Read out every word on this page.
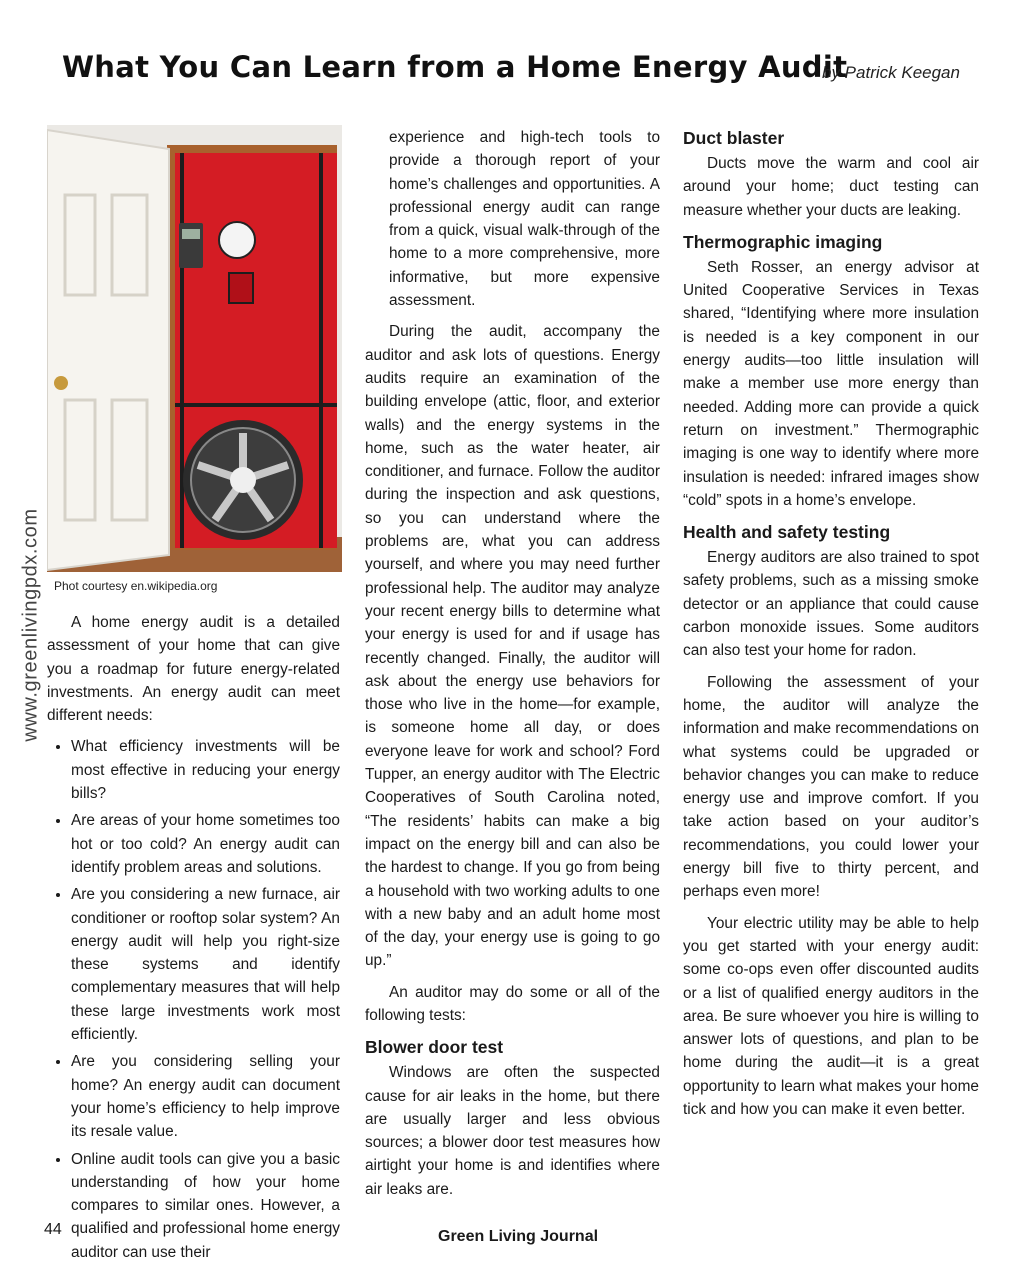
What You Can Learn from a Home Energy Audit
by Patrick Keegan
www.greenlivingpdx.com Phot courtesy en.wikipedia.org

A home energy audit is a detailed assessment of your home that can give you a roadmap for future energy-related investments. An energy audit can meet different needs:

• What efficiency investments will be most effective in reducing your energy bills?
• Are areas of your home sometimes too hot or too cold? An energy audit can identify problem areas and solutions.
• Are you considering a new furnace, air conditioner or rooftop solar system? An energy audit will help you right-size these systems and identify complementary measures that will help these large investments work most efficiently.
• Are you considering selling your home? An energy audit can document your home’s efficiency to help improve its resale value.
• Online audit tools can give you a basic understanding of how your home compares to similar ones. However, a qualified and professional home energy auditor can use their

experience and high-tech tools to provide a thorough report of your home’s challenges and opportunities. A professional energy audit can range from a quick, visual walk-through of the home to a more comprehensive, more informative, but more expensive assessment.

During the audit, accompany the auditor and ask lots of questions. Energy audits require an examination of the building envelope (attic, floor, and exterior walls) and the energy systems in the home, such as the water heater, air conditioner, and furnace. Follow the auditor during the inspection and ask questions, so you can understand where the problems are, what you can address yourself, and where you may need further professional help. The auditor may analyze your recent energy bills to determine what your energy is used for and if usage has recently changed. Finally, the auditor will ask about the energy use behaviors for those who live in the home—for example, is someone home all day, or does everyone leave for work and school? Ford Tupper, an energy auditor with The Electric Cooperatives of South Carolina noted, “The residents’ habits can make a big impact on the energy bill and can also be the hardest to change. If you go from being a household with two working adults to one with a new baby and an adult home most of the day, your energy use is going to go up.”

An auditor may do some or all of the following tests:

Blower door test

Windows are often the suspected cause for air leaks in the home, but there are usually larger and less obvious sources; a blower door test measures how airtight your home is and identifies where air leaks are.

Duct blaster

Ducts move the warm and cool air around your home; duct testing can measure whether your ducts are leaking.

Thermographic imaging

Seth Rosser, an energy advisor at United Cooperative Services in Texas shared, “Identifying where more insulation is needed is a key component in our energy audits—too little insulation will make a member use more energy than needed. Adding more can provide a quick return on investment.” Thermographic imaging is one way to identify where more insulation is needed: infrared images show “cold” spots in a home’s envelope.

Health and safety testing

Energy auditors are also trained to spot safety problems, such as a missing smoke detector or an appliance that could cause carbon monoxide issues. Some auditors can also test your home for radon.

Following the assessment of your home, the auditor will analyze the information and make recommendations on what systems could be upgraded or behavior changes you can make to reduce energy use and improve comfort. If you take action based on your auditor’s recommendations, you could lower your energy bill five to thirty percent, and perhaps even more!

Your electric utility may be able to help you get started with your energy audit: some co-ops even offer discounted audits or a list of qualified energy auditors in the area. Be sure whoever you hire is willing to answer lots of questions, and plan to be home during the audit—it is a great opportunity to learn what makes your home tick and how you can make it even better.

44	Green Living Journal
